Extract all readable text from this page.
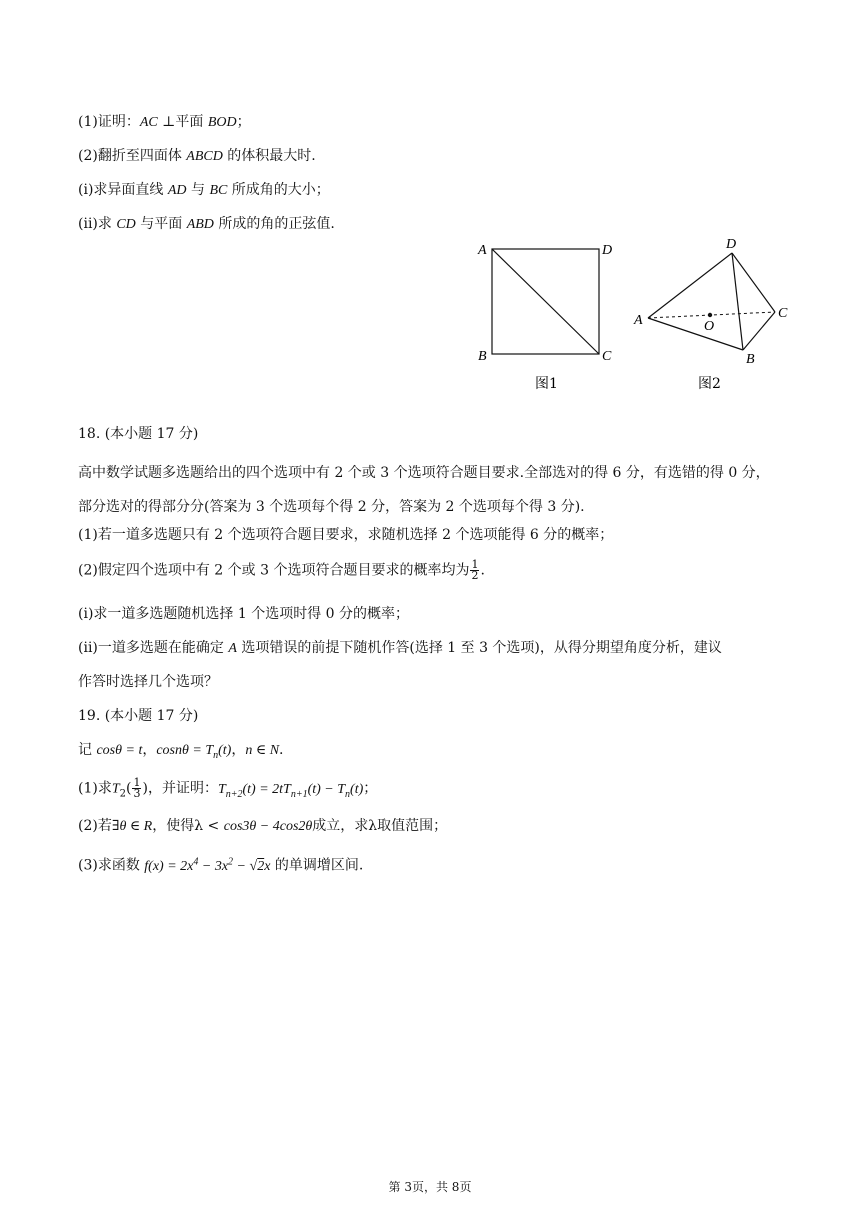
(1)证明：AC ⊥平面 BOD；
(2)翻折至四面体 ABCD 的体积最大时.
(ⅰ)求异面直线 AD 与 BC 所成角的大小；
(ⅱ)求 CD 与平面 ABD 所成的角的正弦值.
A	D
B	C
图1
A
D
C
B
O
图2
18. (本小题 17 分)
高中数学试题多选题给出的四个选项中有 2 个或 3 个选项符合题目要求.全部选对的得 6 分，有选错的得 0 分，部分选对的得部分分(答案为 3 个选项每个得 2 分，答案为 2 个选项每个得 3 分).
(1)若一道多选题只有 2 个选项符合题目要求，求随机选择 2 个选项能得 6 分的概率；
(2)假定四个选项中有 2 个或 3 个选项符合题目要求的概率均为 $\frac{1}{2}$ .
(ⅰ)求一道多选题随机选择 1 个选项时得 0 分的概率；
(ⅱ)一道多选题在能确定 A 选项错误的前提下随机作答(选择 1 至 3 个选项)，从得分期望角度分析，建议
作答时选择几个选项？
19. (本小题 17 分)
记 cosθ = t，$\cos n\theta = T_n(t)$，n ∈ N.
(1)求$T_2( \frac{1}{3}$ )，并证明：$T_{n+2}(t) = 2tT_{n+1}(t) - T_n(t)$；
(2)若∃θ ∈ R，使得λ < cos3θ − 4cos2θ成立，求λ取值范围；
(3)求函数 $f(x) = 2x^4 - 3x^2 - √2x$ 的单调增区间.
第 3页，共 8页
